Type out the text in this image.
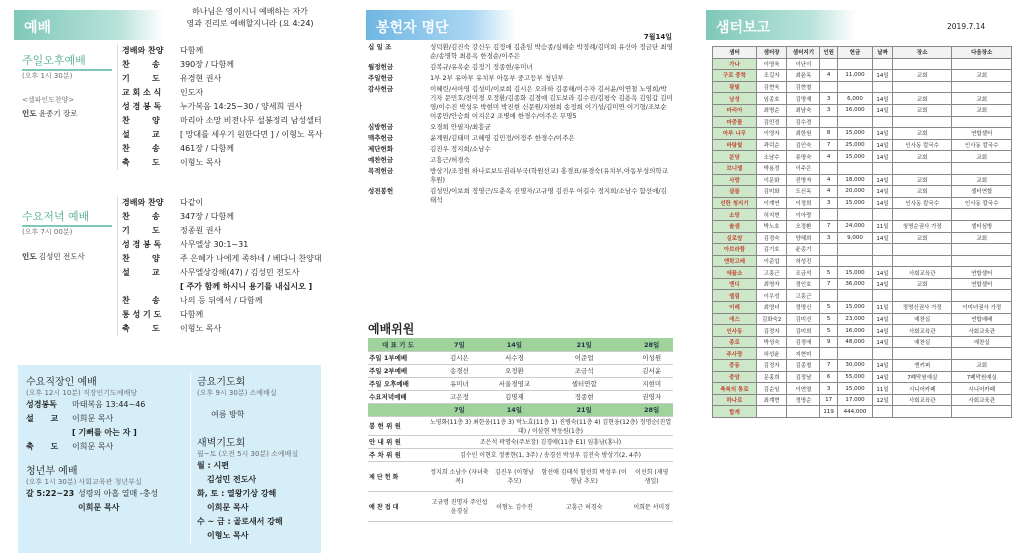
예배
하나님은 영이시니 예배하는 자가
영과 진리로 예배할지니라 (요 4:24)
주일오후예배
(오후 1시 30분)
<셀파인도찬양>
인도 윤종기 장로
경배와 찬양 다함께
찬        송	390장 / 다함께
기        도	유경현 권사
교 회 소 식 인도자
성 경 봉 독 누가복음 14:25~30 / 양세희 권사
찬        양	마리아 소망 비전나무 설봉정리 남성셀터
설        교	[ 망대를 세우기 원한다면 ] / 이형노 목사
찬        송	461장 / 다함께
축        도	이형노 목사
수요저녁 예배
(오후 7시 00분)
인도 김성민 전도사
경배와 찬양 다같이
찬        송	347장 / 다함께
기        도	정종원 권사
성 경 봉 독 사무엘상 30:1~31
찬        양	주 은혜가 나에게 족하네 / 베다니 찬양대
설        교	사무엘상강해(47) / 김성민 전도사
[ 주가 함께 하시니 용기를 내십시오 ]
찬        송	나의 등 뒤에서 / 다함께
통 성 기 도 다함께
축        도	이형노 목사
수요직장인 예배
(오후 12시 10분) 직장인기도예배당
성경봉독 마태복음 13:44~46
설      교 이희문 목사
[ 기뻐를 아는 자 ]
축      도 이희문 목사
청년부 예배
(오후 1시 30분) 사회교육관 청년부실
갈 5:22~23 성령의 아홉 열매 -충성
이희문 목사
금요기도회
(오후 9시 30분) 소예배실
여름 방학
새벽기도회
월~토 (오전 5시 30분) 소예배실
월 : 시편
김성민 전도사
화, 토 : 열왕기상 강해
이희문 목사
수 ~ 금 : 골로새서 강해
이형노 목사
봉헌자 명단
7월14일
십 일 조	성덕환/김진숙 강신두 김정애 김춘임 박승종/심해순 박정례/김미희 유신아 정금단 최영순/송명학 최용옥 한경순/이주은
월정헌금	김복규/유옥순 김정기 정종현/유미녀
주일헌금	1부 2부 유아부 유치부 아동부 중고등부 청년부
감사헌금	이혜린/서아영 김성미/이보희 김시은 오라하 김종해/이수자 김서윤/이연철 노영희/박기자 문민호/전미경 오정환/김종화 김경애 김도보라 김수진/김평숙 김용옥 김임갑 김미영/이수진 박성우 박현미 박진현 신문원/지현희 송정희 이기성/김미연 이기형/조보순 이종만/안승희 이지은2 조병애 한경수/이주은 무명5
심방헌금	오경희 안필자/최흥균
맥추헌금	윤계원/김태미 고혜영 김민정/이정주 한경수/이주은
제단헌화	김진우 정지희/소남수
예찬헌금	고흥근/허경숙
목적헌금	방상기/조정원 하나로보도권리부국(학원선교) 홍경표/류경숙(유치부,아동부성의학교후원)
성전봉헌	김성민/이보희 정영근/도춘옥 진명자/고규명 김진우 어길수 정지희/소남수 함선애/김태석
예배위원
대 표 기 도	7일	14일	21일	28일
주일 1부예배	김시은	서수경	이준업	이성원
주일 2부예배	송경선	오정환	조금석	김서윤
주일 오후예배	유미녀	서울경영교	셀터연합	지현미
수요저녁예배	고은정	김명재	정종현	권영자
	7일	14일	21일	28일
봉 헌 위 원	노영화(11층 3) 최한웅(11층 3) 박노효(11층 1) 진병숙(11층 4) 김현웅(12층) 정명순(진열대) / 이삼현 박동원(1층)			
안 내 위 원	조은석 곽명숙(주보장) 김경애(11층 E1) 임흥남(홍나)			
주 차 위 원	김수인 이현호 정종현(1, 3주) / 송경선 박성우 김진숙 방상기(2, 4주)			
제 단 헌 화	정지희 소남수 (자녀축복)	김진우 (이형남 추모)	함선애 김태석 함선희 박성우 (이형남 추모)	이선희 (재영 생일)
예 찬 접 대	고규명 진명자 주인섭 윤경심	이형노 김수진	고흥근 허경숙	이희문 서미정
샘터보고	2019.7.14
샘터	샘터장	샘터지기	인원	헌금	날짜	장소	다음장소
가나	이영욱	이난이					
구로 중학	조길자	최윤옥	4	11,000	14일	교회	교회
광빛	김현욱	김현철					
남성	임종호	김명재	3	6,000	14일	교회	교회
마리아	최명순	최남숙	3	16,000	14일	교회	교회
마중물	김민정	김수경					
마루 나무	이영자	최한원	8	15,000	14일	교회	연합셀터
바탕빛	곽덕순	김인숙	7	25,000	14일	인사동 칼국수	인사동 칼국수
분당	소남수	류명숙	4	15,000	14일	교회	교회
브니엘	박용정	이주은					
사랑	이문화	진명자	4	18,000	14일	교회	교회
샬롬	김미화	도신옥	4	20,000	14일	교회	셀터연합
선한 청지기	이계연	이정희	3	15,000	14일	인사동 칼국수	인사동 칼국수
소망	허지현	이아랑					
솔샘	박노호	오정환	7	24,000	11일	청명순권사 가정	셀터심방
실로암	김경숙	양혜희	3	9,000	14일	교회	교회
아브라함	김기호	윤종기					
엔학고레	이준업	허성진					
에플소	고흥근	조금석	5	15,000	14일	사회교육관	연합셀터
엔디	최명자	정인호	7	36,000	14일	교회	연합셀터
엘림	이우성	고흥근					
이레	최영녀	정명신	5	15,000	11일	정명신권사 가정	이미녀권사 가정
에스	김화숙2	김미선	5	23,000	14일	예찬실	연합예배
인사동	김정자	김미희	5	16,000	14일	사회교육관	사회교육관
종로	박성숙	김정애	9	48,000	14일	예찬실	예찬실
주사랑	허성윤	지현미					
중동	김정자	김종철	7	30,000	14일	엔키퍼	교회
중앙	문홍희	김정남	6	55,000	14일	7폐막원예실	7폐막원예실
축복의 통로	김순임	이연열	3	15,000	11일	시니어카페	시니어카페
하나로	최계현	정명순	17	17,000	12일	사회교육관	사회교육관
합계			119	444,000			
